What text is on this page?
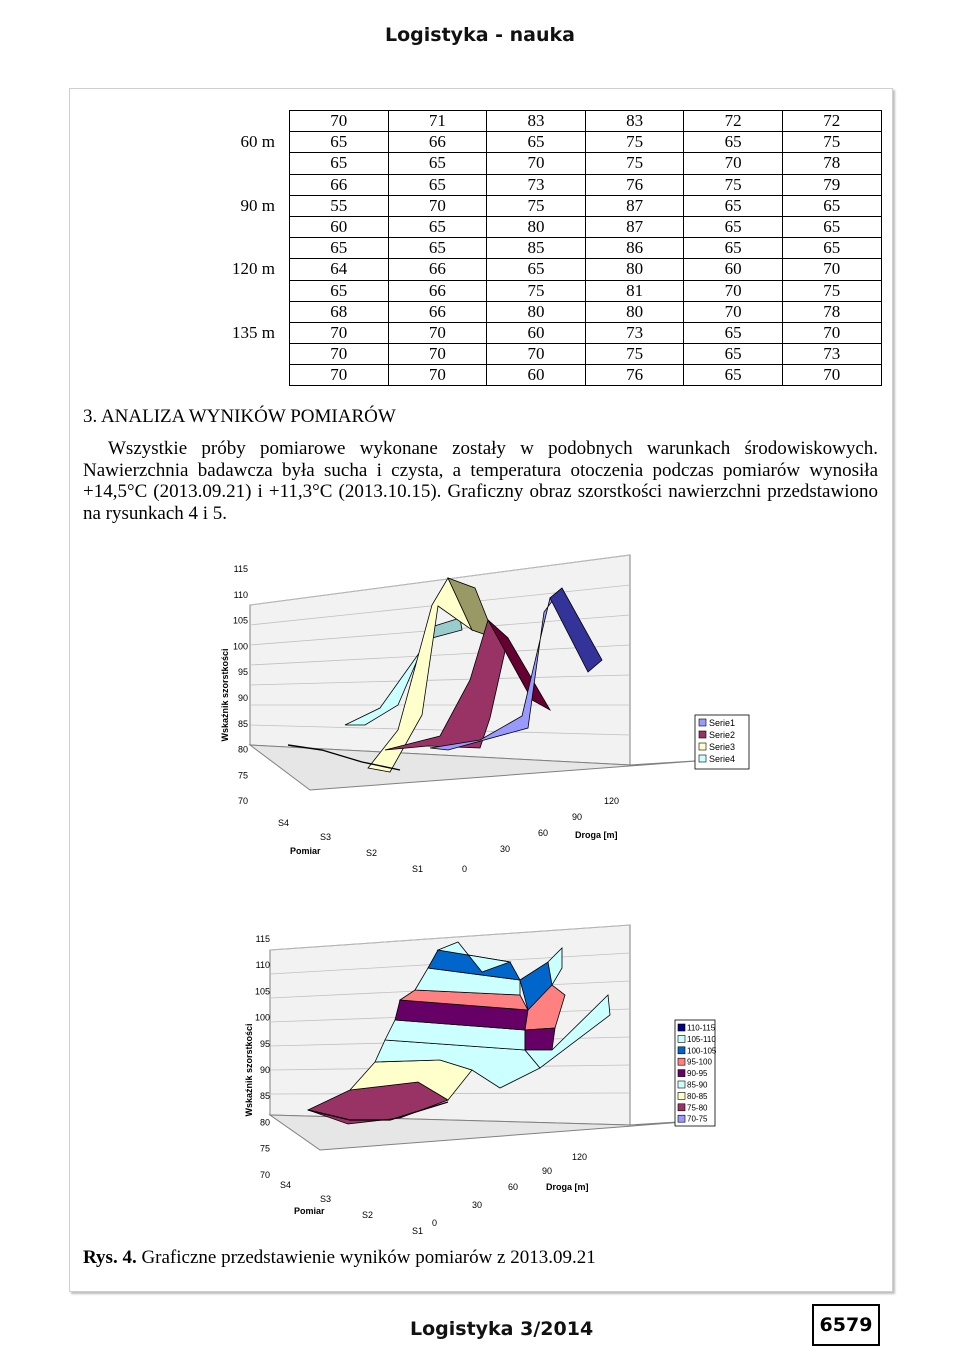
Logistyka - nauka
	70	71	83	83	72	72
60 m	65	66	65	75	65	75
	65	65	70	75	70	78
	66	65	73	76	75	79
90 m	55	70	75	87	65	65
	60	65	80	87	65	65
	65	65	85	86	65	65
120 m	64	66	65	80	60	70
	65	66	75	81	70	75
	68	66	80	80	70	78
135 m	70	70	60	73	65	70
	70	70	70	75	65	73
	70	70	60	76	65	70
3. ANALIZA WYNIKÓW POMIARÓW
Wszystkie próby pomiarowe wykonane zostały w podobnych warunkach środowiskowych. Nawierzchnia badawcza była sucha i czysta, a temperatura otoczenia podczas pomiarów wynosiła +14,5°C (2013.09.21) i +11,3°C (2013.10.15). Graficzny obraz szorstkości nawierzchni przedstawiono na rysunkach 4 i 5.
115
110
105
100
95
90
85
80
75
70
Wskaźnik szorstkości
0
30
60
90
120
S1
S2
S3
S4
Droga [m]
Pomiar
Serie1
Serie2
Serie3
Serie4
115
110
105
100
95
90
85
80
75
70
Wskaźnik szorstkości
0
30
60
90
120
S1
S2
S3
S4	Droga [m]
Pomiar
110-115
105-110
100-105
95-100
90-95
85-90
80-85
75-80
70-75
Rys. 4. Graficzne przedstawienie wyników pomiarów z 2013.09.21
Logistyka 3/2014	6579
